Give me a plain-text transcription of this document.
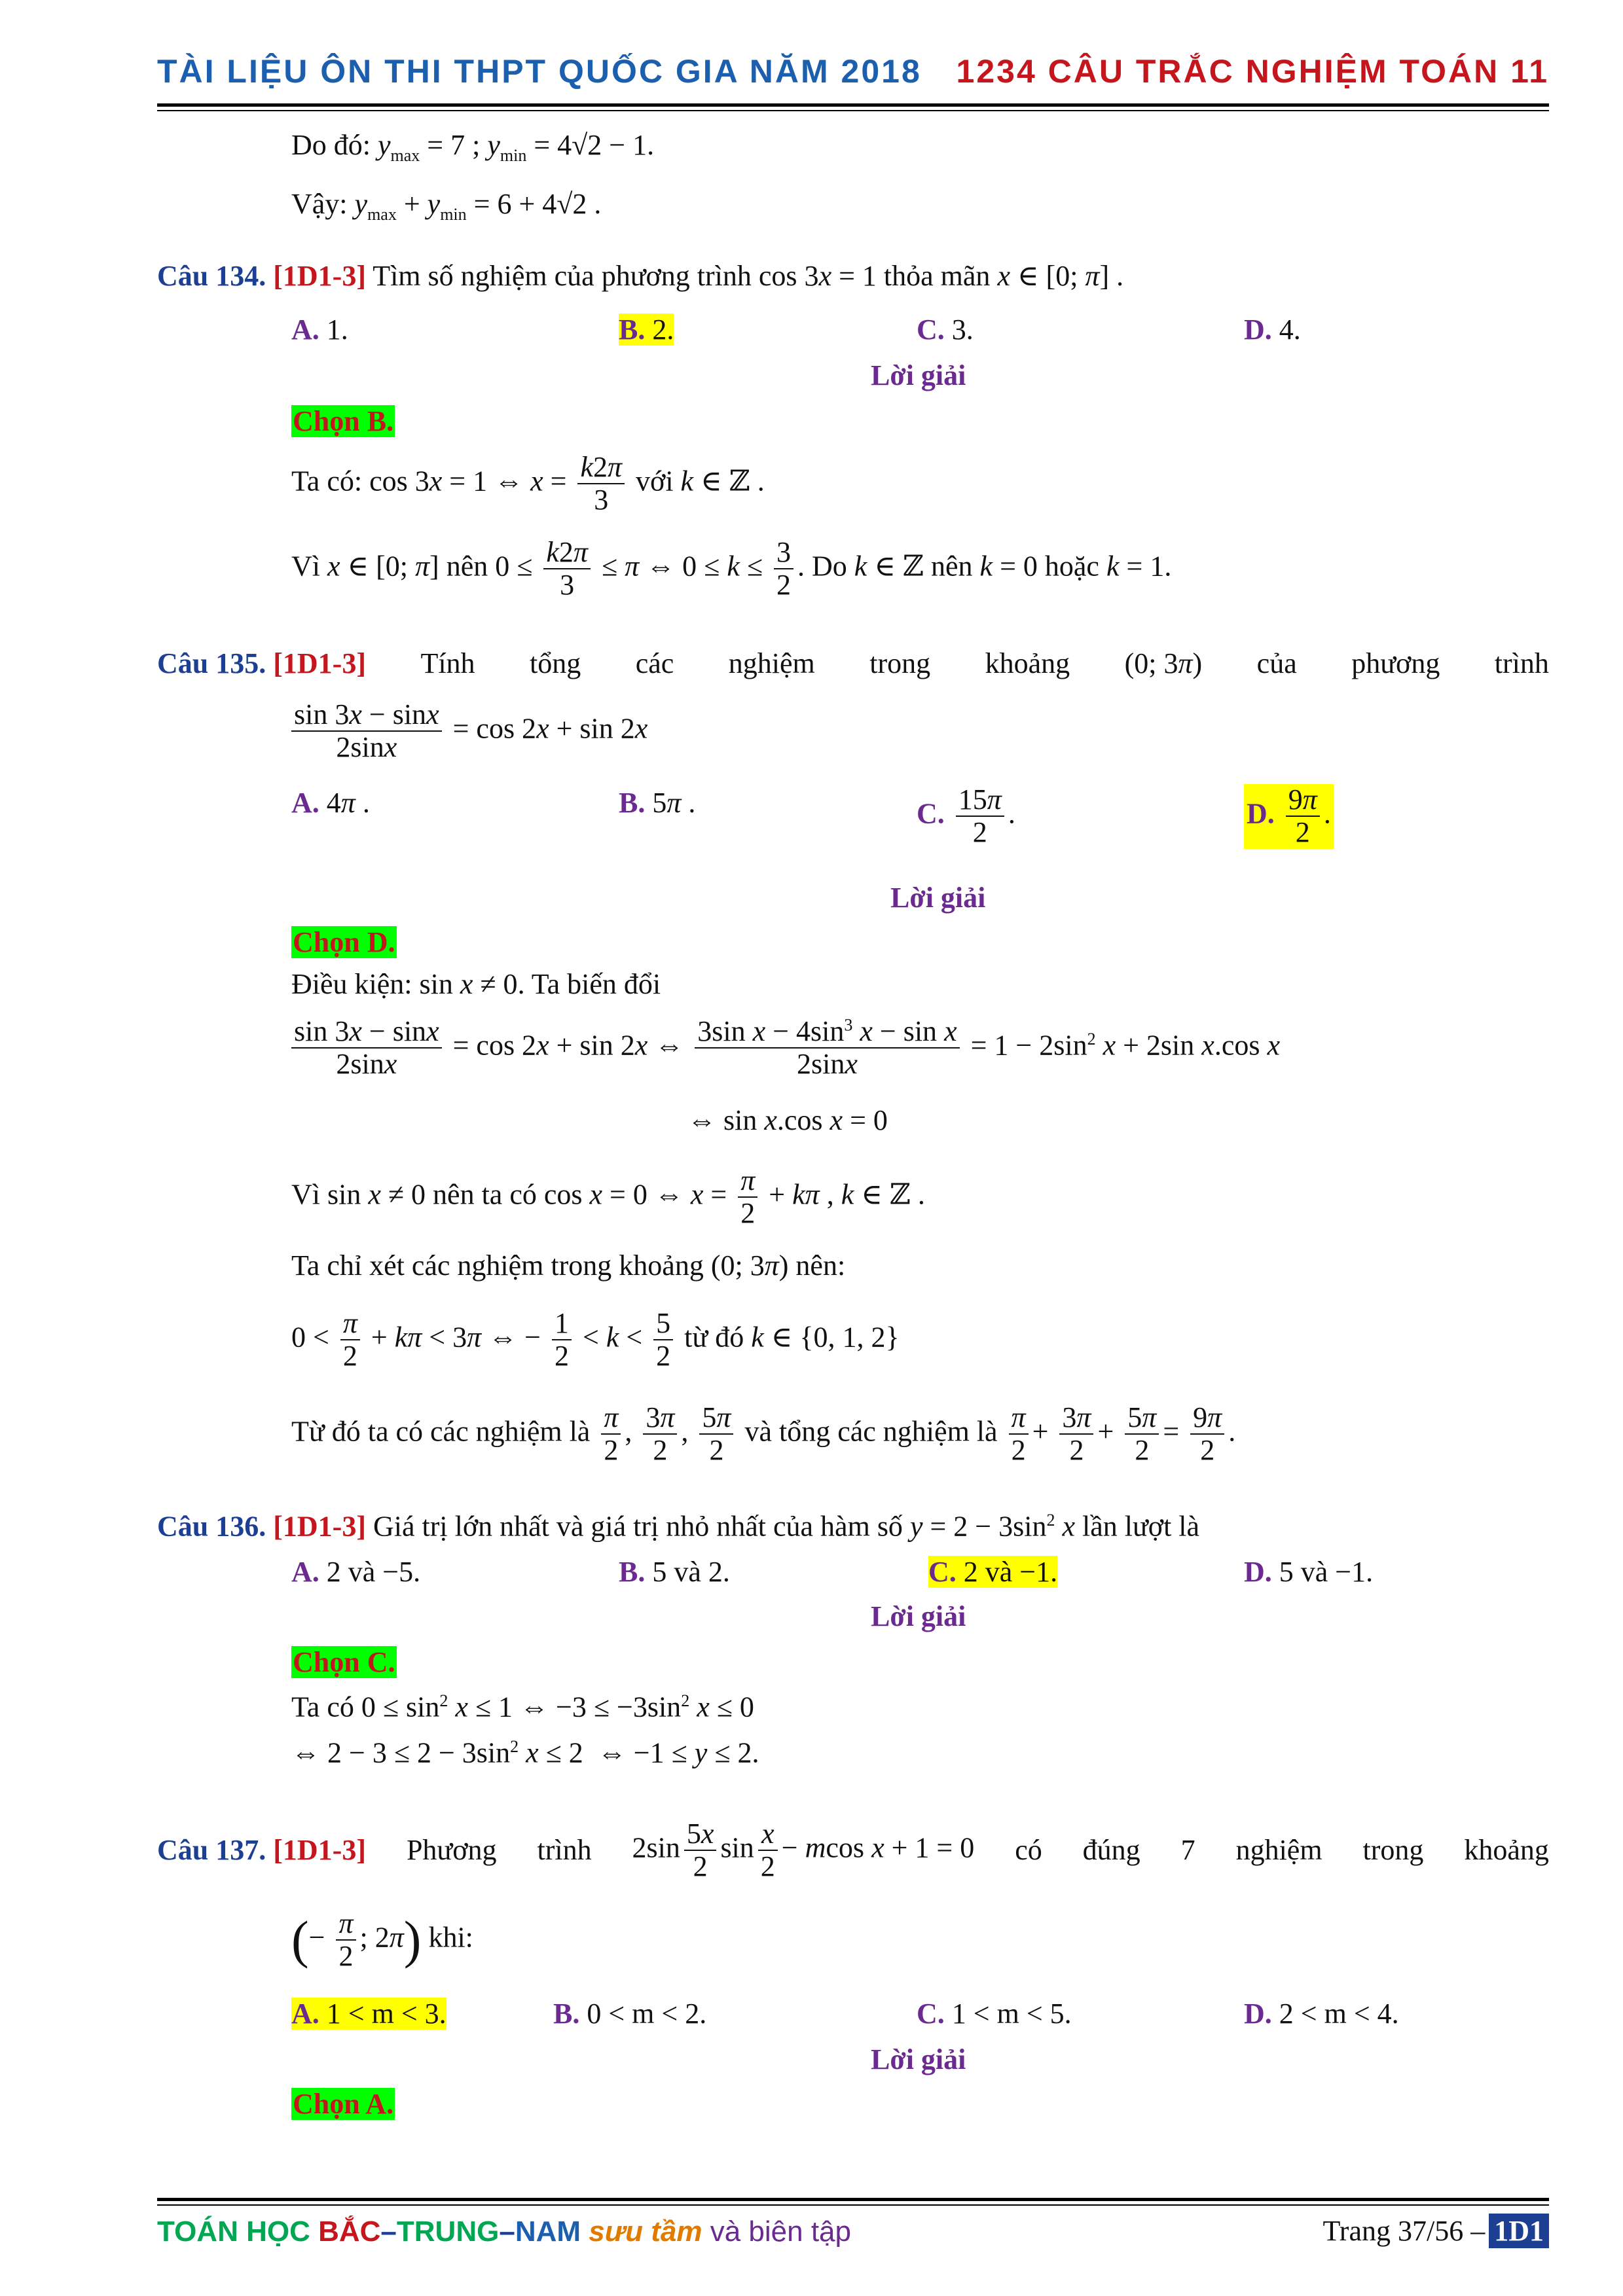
TÀI LIỆU ÔN THI THPT QUỐC GIA NĂM 2018 1234 CÂU TRẮC NGHIỆM TOÁN 11
Do đó: $y_{max} = 7$ ; $y_{min} = 4√2 - 1$.
Vậy: $y_{max} + y_{min} = 6 + 4√2$ .
Câu 134. [1D1-3] Tìm số nghiệm của phương trình cos 3x = 1 thỏa mãn x ∈ [0; π] .
A. 1.	B. 2.	C. 3.	D. 4.
Lời giải
Chọn B.
Ta có: cos 3x = 1 ⇔ $x = \frac{k2\pi}{3}$ với k ∈ ℤ .
Vì x ∈ [0; π] nên $0 \le \frac{k2\pi}{3} \le \pi$ ⇔ $0 \le k \le \frac{3}{2}$ . Do k ∈ ℤ nên k = 0 hoặc k = 1.
Câu 135. [1D1-3] Tính tổng các nghiệm trong khoảng (0; 3π) của phương trình
$\frac{\sin 3x - \sin x}{2\sin x} = \cos 2x + \sin 2x$
A. 4π .	B. 5π .	C. $\frac{15\pi}{2}$ .	D. $\frac{9\pi}{2}$ .
Lời giải
Chọn D.
Điều kiện: sin x ≠ 0. Ta biến đổi
$\frac{\sin 3x - \sin x}{2\sin x} = \cos 2x + \sin 2x$ ⇔ $\frac{3\sin x - 4\sin^3 x - \sin x}{2\sin x} = 1 - 2\sin^2$ x + 2sin x.cos x
⇔ sin x.cos x = 0
Vì sin x ≠ 0 nên ta có cos x = 0 ⇔ $x = \frac{\pi}{2} + k\pi$ , k ∈ ℤ .
Ta chỉ xét các nghiệm trong khoảng (0; 3π) nên:
$0 < \frac{\pi}{2} + k\pi < 3\pi$ ⇔ − $\frac{1}{2} < k < \frac{5}{2}$ từ đó k ∈ {0, 1, 2}
Từ đó ta có các nghiệm là $\frac{\pi}{2}$ , $\frac{3\pi}{2}$ , $\frac{5\pi}{2}$ và tổng các nghiệm là $\frac{\pi}{2} + \frac{3\pi}{2} + \frac{5\pi}{2} = \frac{9\pi}{2}$ .
Câu 136. [1D1-3] Giá trị lớn nhất và giá trị nhỏ nhất của hàm số $y = 2 - 3\sin^2$ x lần lượt là
A. 2 và −5.	B. 5 và 2.	C. 2 và −1.	D. 5 và −1.
Lời giải
Chọn C.
Ta có $0 \le \sin^2 x \le 1$ ⇔ $-3 \le -3\sin^2$ x ≤ 0
⇔ $2 - 3 \le 2 - 3\sin^2$ x ≤ 2  ⇔ −1 ≤ y ≤ 2.
Câu 137. [1D1-3] Phương trình $2\sin \frac{5x}{2}$ $\sin \frac{x}{2} - mcos$ x + 1 = 0 có đúng 7 nghiệm trong khoảng
(− $\frac{\pi}{2}$ ; 2π) khi:
A. 1 < m < 3.	B. 0 < m < 2.	C. 1 < m < 5.	D. 2 < m < 4.
Lời giải
Chọn A.
TOÁN HỌC BẮC–TRUNG–NAM sưu tầm và biên tập	Trang 37/56 – 1D1
